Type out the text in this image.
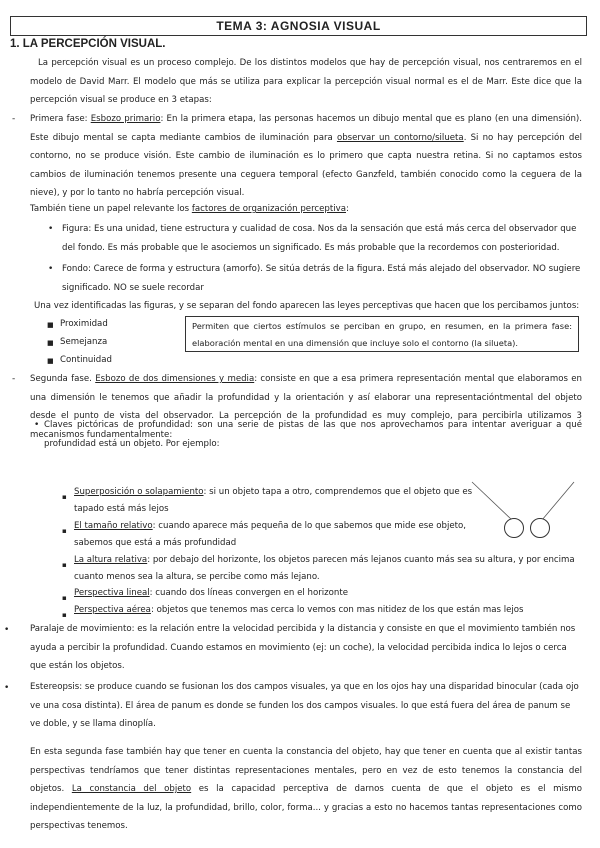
TEMA 3: AGNOSIA VISUAL
1. LA PERCEPCIÓN VISUAL.

La percepción visual es un proceso complejo. De los distintos modelos que hay de percepción visual, nos centraremos en el modelo de David Marr. El modelo que más se utiliza para explicar la percepción visual normal es el de Marr. Este dice que la percepción visual se produce en 3 etapas:

- Primera fase: Esbozo primario: En la primera etapa, las personas hacemos un dibujo mental que es plano (en una dimensión). Este dibujo mental se capta mediante cambios de iluminación para observar un contorno/silueta. Si no hay percepción del contorno, no se produce visión. Este cambio de iluminación es lo primero que capta nuestra retina. Si no captamos estos cambios de iluminación tenemos presente una ceguera temporal (efecto Ganzfeld, también conocido como la ceguera de la nieve), y por lo tanto no habría percepción visual.

También tiene un papel relevante los factores de organización perceptiva:

• Figura: Es una unidad, tiene estructura y cualidad de cosa. Nos da la sensación que está más cerca del observador que del fondo. Es más probable que le asociemos un significado. Es más probable que la recordemos con posterioridad.

• Fondo: Carece de forma y estructura (amorfo). Se sitúa detrás de la figura. Está más alejado del observador. NO sugiere significado. NO se suele recordar

Una vez identificadas las figuras, y se separan del fondo aparecen las leyes perceptivas que hacen que los percibamos juntos:

■ Proximidad
■ Semejanza
■ Continuidad
Permiten que ciertos estímulos se perciban en grupo, en resumen, en la primera fase: elaboración mental en una dimensión que incluye solo el contorno (la silueta).
- Segunda fase. Esbozo de dos dimensiones y media: consiste en que a esa primera representación mental que elaboramos en una dimensión le tenemos que añadir la profundidad y la orientación y así elaborar una representacióntmental del objeto desde el punto de vista del observador. La percepción de la profundidad es muy complejo, para percibirla utilizamos 3 mecanismos fundamentalmente:

• Claves pictóricas de profundidad: son una serie de pistas de las que nos aprovechamos para intentar averiguar a qué profundidad está un objeto. Por ejemplo:

▪ Superposición o solapamiento: si un objeto tapa a otro, comprendemos que el objeto que es tapado está más lejos

▪ El tamaño relativo: cuando aparece más pequeña de lo que sabemos que mide ese objeto, sabemos que está a más profundidad

▪ La altura relativa: por debajo del horizonte, los objetos parecen más lejanos cuanto más sea su altura, y por encima cuanto menos sea la altura, se percibe como más lejano.

▪ Perspectiva lineal: cuando dos líneas convergen en el horizonte

▪ Perspectiva aérea: objetos que tenemos mas cerca lo vemos con mas nitidez de los que están mas lejos

• Paralaje de movimiento: es la relación entre la velocidad percibida y la distancia y consiste en que el movimiento también nos ayuda a percibir la profundidad. Cuando estamos en movimiento (ej: un coche), la velocidad percibida indica lo lejos o cerca que están los objetos.

• Estereopsis: se produce cuando se fusionan los dos campos visuales, ya que en los ojos hay una disparidad binocular (cada ojo ve una cosa distinta). El área de panum es donde se funden los dos campos visuales. lo que está fuera del área de panum se ve doble, y se llama dinoplía.

En esta segunda fase también hay que tener en cuenta la constancia del objeto, hay que tener en cuenta que al existir tantas perspectivas tendríamos que tener distintas representaciones mentales, pero en vez de esto tenemos la constancia del objetos. La constancia del objeto es la capacidad perceptiva de darnos cuenta de que el objeto es el mismo independientemente de la luz, la profundidad, brillo, color, forma... y gracias a esto no hacemos tantas representaciones como perspectivas tenemos.
